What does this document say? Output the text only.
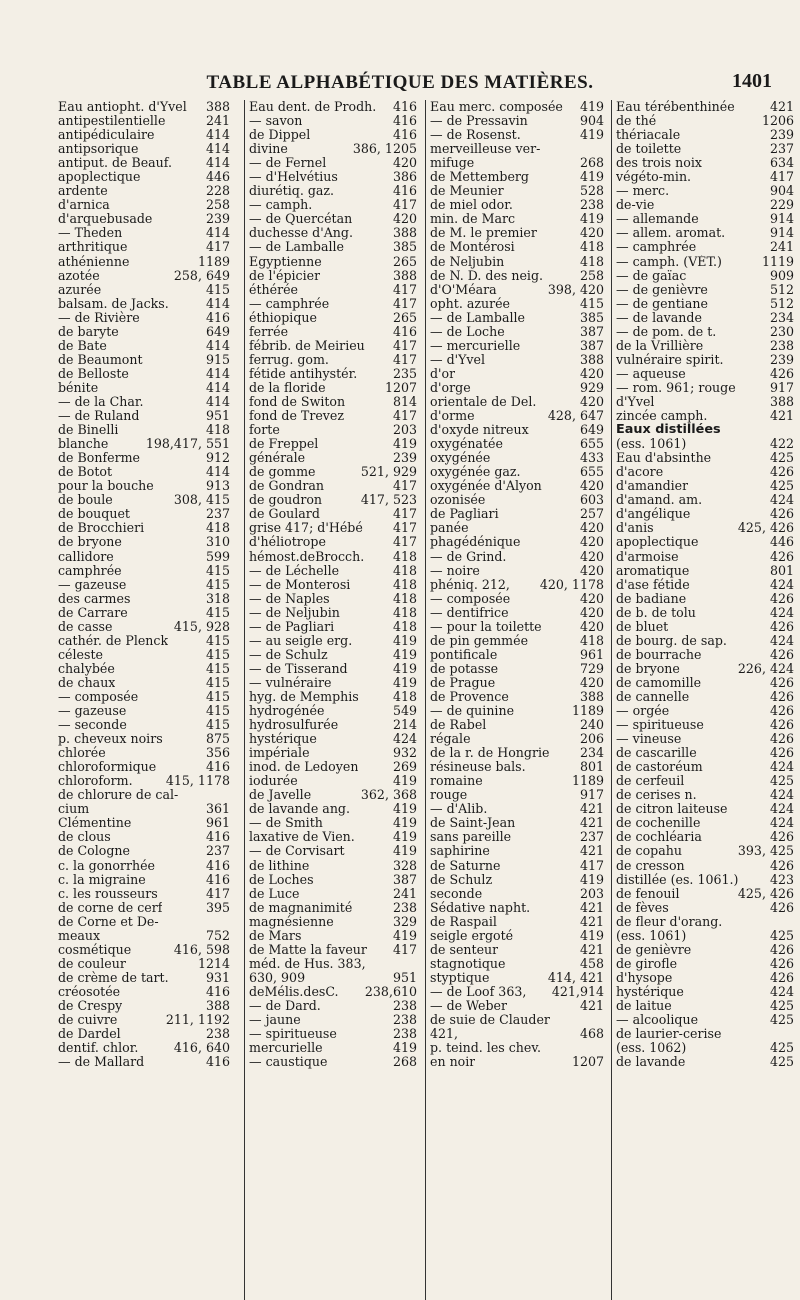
TABLE ALPHABÉTIQUE DES MATIÈRES.	1401
Eau antiopht. d'Yvel 388
antipestilentielle	241
antipédiculaire	414
antipsorique	414
antiput. de Beauf.	414
apoplectique	446
ardente	228
d'arnica	258
d'arquebusade	239
— Theden	414
arthritique	417
athénienne	1189
azotée	258, 649
azurée	415
balsam. de Jacks.	414
— de Rivière	416
de baryte	649
de Bate	414
de Beaumont	915
de Belloste	414
bénite	414
— de la Char.	414
— de Ruland	951
de Binelli	418
blanche	198,417, 551
de Bonferme	912
de Botot	414
pour la bouche	913
de boule	308, 415
de bouquet	237
de Brocchieri	418
de bryone	310
callidore	599
camphrée	415
— gazeuse	415
des carmes	318
de Carrare	415
de casse	415, 928
cathér. de Plenck	415
céleste	415
chalybée	415
de chaux	415
— composée	415
— gazeuse	415
— seconde	415
p. cheveux noirs	875
chlorée	356
chloroformique	416
chloroform.	415, 1178
de chlorure de cal-
cium	361
Clémentine	961
de clous	416
de Cologne	237
c. la gonorrhée	416
c. la migraine	416
c. les rousseurs	417
de corne de cerf	395
de Corne et De-
meaux	752
cosmétique	416, 598
de couleur	1214
de crème de tart.	931
créosotée	416
de Crespy	388
de cuivre	211, 1192
de Dardel	238
dentif. chlor.	416, 640
— de Mallard	416
Eau dent. de Prodh. 416
— savon	416
de Dippel	416
divine	386, 1205
— de Fernel	420
— d'Helvétius	386
diurétiq. gaz.	416
— camph.	417
— de Quercétan	420
duchesse d'Ang.	388
— de Lamballe	385
Egyptienne	265
de l'épicier	388
éthérée	417
— camphrée	417
éthiopique	265
ferrée	416
fébrib. de Meirieu 417
ferrug. gom.	417
fétide antihystér.	235
de la floride	1207
fond de Switon	814
fond de Trevez	417
forte	203
de Freppel	419
générale	239
de gomme	521, 929
de Gondran	417
de goudron	417, 523
de Goulard	417
grise 417; d'Hébé 417
d'héliotrope	417
hémost.deBrocch. 418
— de Léchelle	418
— de Monterosi	418
— de Naples	418
— de Neljubin	418
— de Pagliari	418
— au seigle erg.	419
— de Schulz	419
— de Tisserand	419
— vulnéraire	419
hyg. de Memphis	418
hydrogénée	549
hydrosulfurée	214
hystérique	424
impériale	932
inod. de Ledoyen	269
iodurée	419
de Javelle	362, 368
de lavande ang.	419
— de Smith	419
laxative de Vien.	419
— de Corvisart	419
de lithine	328
de Loches	387
de Luce	241
de magnanimité	238
magnésienne	329
de Mars	419
de Matte la faveur 417
méd. de Hus. 383,
630, 909	951
deMélis.desC. 238,610
— de Dard.	238
— jaune	238
— spiritueuse	238
mercurielle	419
— caustique	268
Eau merc. composée 419
— de Pressavin	904
— de Rosenst.	419
merveilleuse ver-
mifuge	268
de Mettemberg	419
de Meunier	528
de miel odor.	238
min. de Marc	419
de M. le premier	420
de Montérosi	418
de Neljubin	418
de N. D. des neig.	258
d'O'Méara	398, 420
opht. azurée	415
— de Lamballe	385
— de Loche	387
— mercurielle	387
— d'Yvel	388
d'or	420
d'orge	929
orientale de Del.	420
d'orme	428, 647
d'oxyde nitreux	649
oxygénatée	655
oxygénée	433
oxygénée gaz.	655
oxygénée d'Alyon	420
ozonisée	603
de Pagliari	257
panée	420
phagédénique	420
— de Grind.	420
— noire	420
phéniq. 212, 420, 1178
— composée	420
— dentifrice	420
— pour la toilette	420
de pin gemmée	418
pontificale	961
de potasse	729
de Prague	420
de Provence	388
— de quinine	1189
de Rabel	240
régale	206
de la r. de Hongrie 234
résineuse bals.	801
romaine	1189
rouge	917
— d'Alib.	421
de Saint-Jean	421
sans pareille	237
saphirine	421
de Saturne	417
de Schulz	419
seconde	203
Sédative napht.	421
de Raspail	421
seigle ergoté	419
de senteur	421
stagnotique	458
styptique	414, 421
— de Loof 363, 421,914
— de Weber	421
de suie de Clauder
421,	468
p. teind. les chev.
en noir	1207
Eau térébenthinée	421
de thé	1206
thériacale	239
de toilette	237
des trois noix	634
végéto-min.	417
— merc.	904
de-vie	229
— allemande	914
— allem. aromat.	914
— camphrée	241
— camph. (VÉT.)	1119
— de gaïac	909
— de genièvre	512
— de gentiane	512
— de lavande	234
— de pom. de t.	230
de la Vrillière	238
vulnéraire spirit.	239
— aqueuse	426
— rom. 961; rouge	917
d'Yvel	388
zincée camph.	421
Eaux distillées
(ess. 1061)	422
Eau d'absinthe	425
d'acore	426
d'amandier	425
d'amand. am.	424
d'angélique	426
d'anis	425, 426
apoplectique	446
d'armoise	426
aromatique	801
d'ase fétide	424
de badiane	426
de b. de tolu	424
de bluet	426
de bourg. de sap.	424
de bourrache	426
de bryone	226, 424
de camomille	426
de cannelle	426
— orgée	426
— spiritueuse	426
— vineuse	426
de cascarille	426
de castoréum	424
de cerfeuil	425
de cerises n.	424
de citron laiteuse	424
de cochenille	424
de cochléaria	426
de copahu	393, 425
de cresson	426
distillée (es. 1061.)	423
de fenouil	425, 426
de fèves	426
de fleur d'orang.
(ess. 1061)	425
de genièvre	426
de girofle	426
d'hysope	426
hystérique	424
de laitue	425
— alcoolique	425
de laurier-cerise
(ess. 1062)	425
de lavande	425
